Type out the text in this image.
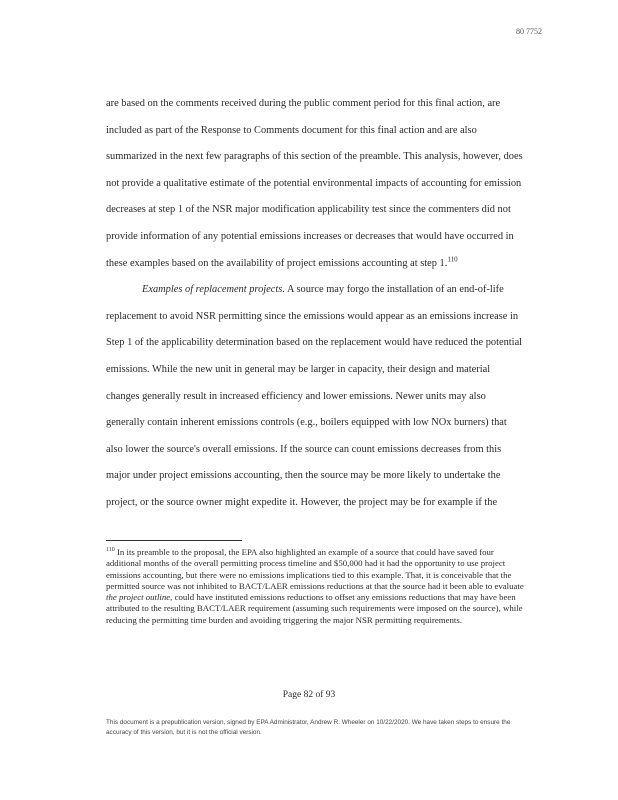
80 7752

are based on the comments received during the public comment period for this final action, are included as part of the Response to Comments document for this final action and are also summarized in the next few paragraphs of this section of the preamble. This analysis, however, does not provide a qualitative estimate of the potential environmental impacts of accounting for emission decreases at step 1 of the NSR major modification applicability test since the commenters did not provide information of any potential emissions increases or decreases that would have occurred in these examples based on the availability of project emissions accounting at step 1.$^{110}$

Examples of replacement projects. A source may forgo the installation of an end-of-life replacement to avoid NSR permitting since the emissions would appear as an emissions increase in Step 1 of the applicability determination based on the replacement would have reduced the potential emissions. While the new unit in general may be larger in capacity, their design and material changes generally result in increased efficiency and lower emissions. Newer units may also generally contain inherent emissions controls (e.g., boilers equipped with low NOx burners) that also lower the source's overall emissions. If the source can count emissions decreases from this major under project emissions accounting, then the source may be more likely to undertake the project, or the source owner might expedite it. However, the project may be for example if the

$^{110}$ In its preamble to the proposal, the EPA also highlighted an example of a source that could have saved four additional months of the overall permitting process timeline and $50,000 had it had the opportunity to use project emissions accounting, but there were no emissions implications tied to this example. That, it is conceivable that the permitted source was not inhibited to BACT/LAER emissions reductions at that the source had it been able to evaluate the project outline, could have instituted emissions reductions to offset any emissions reductions that may have been attributed to the resulting BACT/LAER requirement (assuming such requirements were imposed on the source), while reducing the permitting time burden and avoiding triggering the major NSR permitting requirements.

Page 82 of 93
This document is a prepublication version, signed by EPA Administrator, Andrew R. Wheeler on 10/22/2020. We have taken steps to ensure the accuracy of this version, but it is not the official version.
